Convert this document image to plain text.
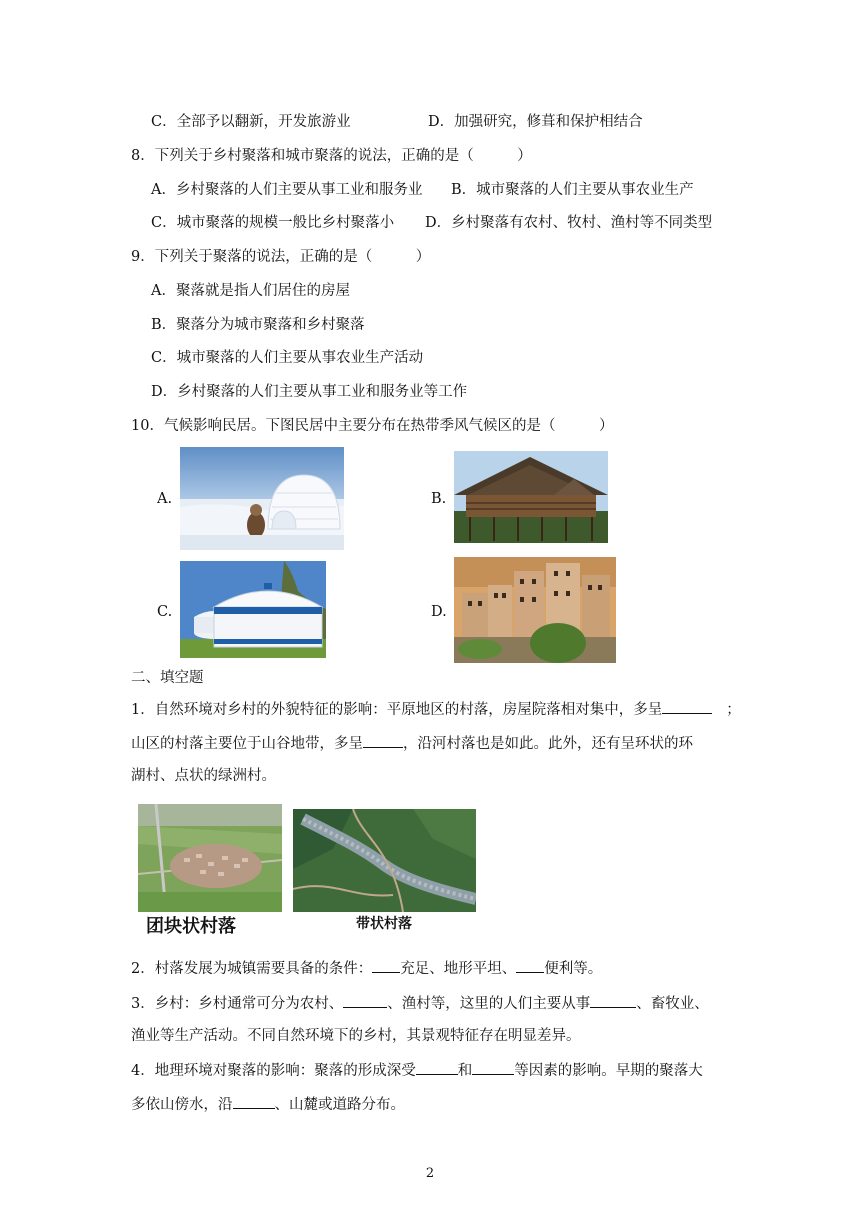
C．全部予以翻新，开发旅游业	D．加强研究，修葺和保护相结合
8．下列关于乡村聚落和城市聚落的说法，正确的是（　　　）
A．乡村聚落的人们主要从事工业和服务业 B．城市聚落的人们主要从事农业生产
C．城市聚落的规模一般比乡村聚落小 D．乡村聚落有农村、牧村、渔村等不同类型
9．下列关于聚落的说法，正确的是（　　　）
A．聚落就是指人们居住的房屋
B．聚落分为城市聚落和乡村聚落
C．城市聚落的人们主要从事农业生产活动
D．乡村聚落的人们主要从事工业和服务业等工作
10．气候影响民居。下图民居中主要分布在热带季风气候区的是（　　　）
A.	B.
C.	D.
二、填空题
1．自然环境对乡村的外貌特征的影响：平原地区的村落，房屋院落相对集中，多呈	；
山区的村落主要位于山谷地带，多呈	，沿河村落也是如此。此外，还有呈环状的环
湖村、点状的绿洲村。
团块状村落	带状村落
2．村落发展为城镇需要具备的条件： 充足、地形平坦、 便利等。
3．乡村：乡村通常可分为农村、	、渔村等，这里的人们主要从事	、畜牧业、
渔业等生产活动。不同自然环境下的乡村，其景观特征存在明显差异。
4．地理环境对聚落的影响：聚落的形成深受	和	等因素的影响。早期的聚落大
多依山傍水，沿	、山麓或道路分布。
2
